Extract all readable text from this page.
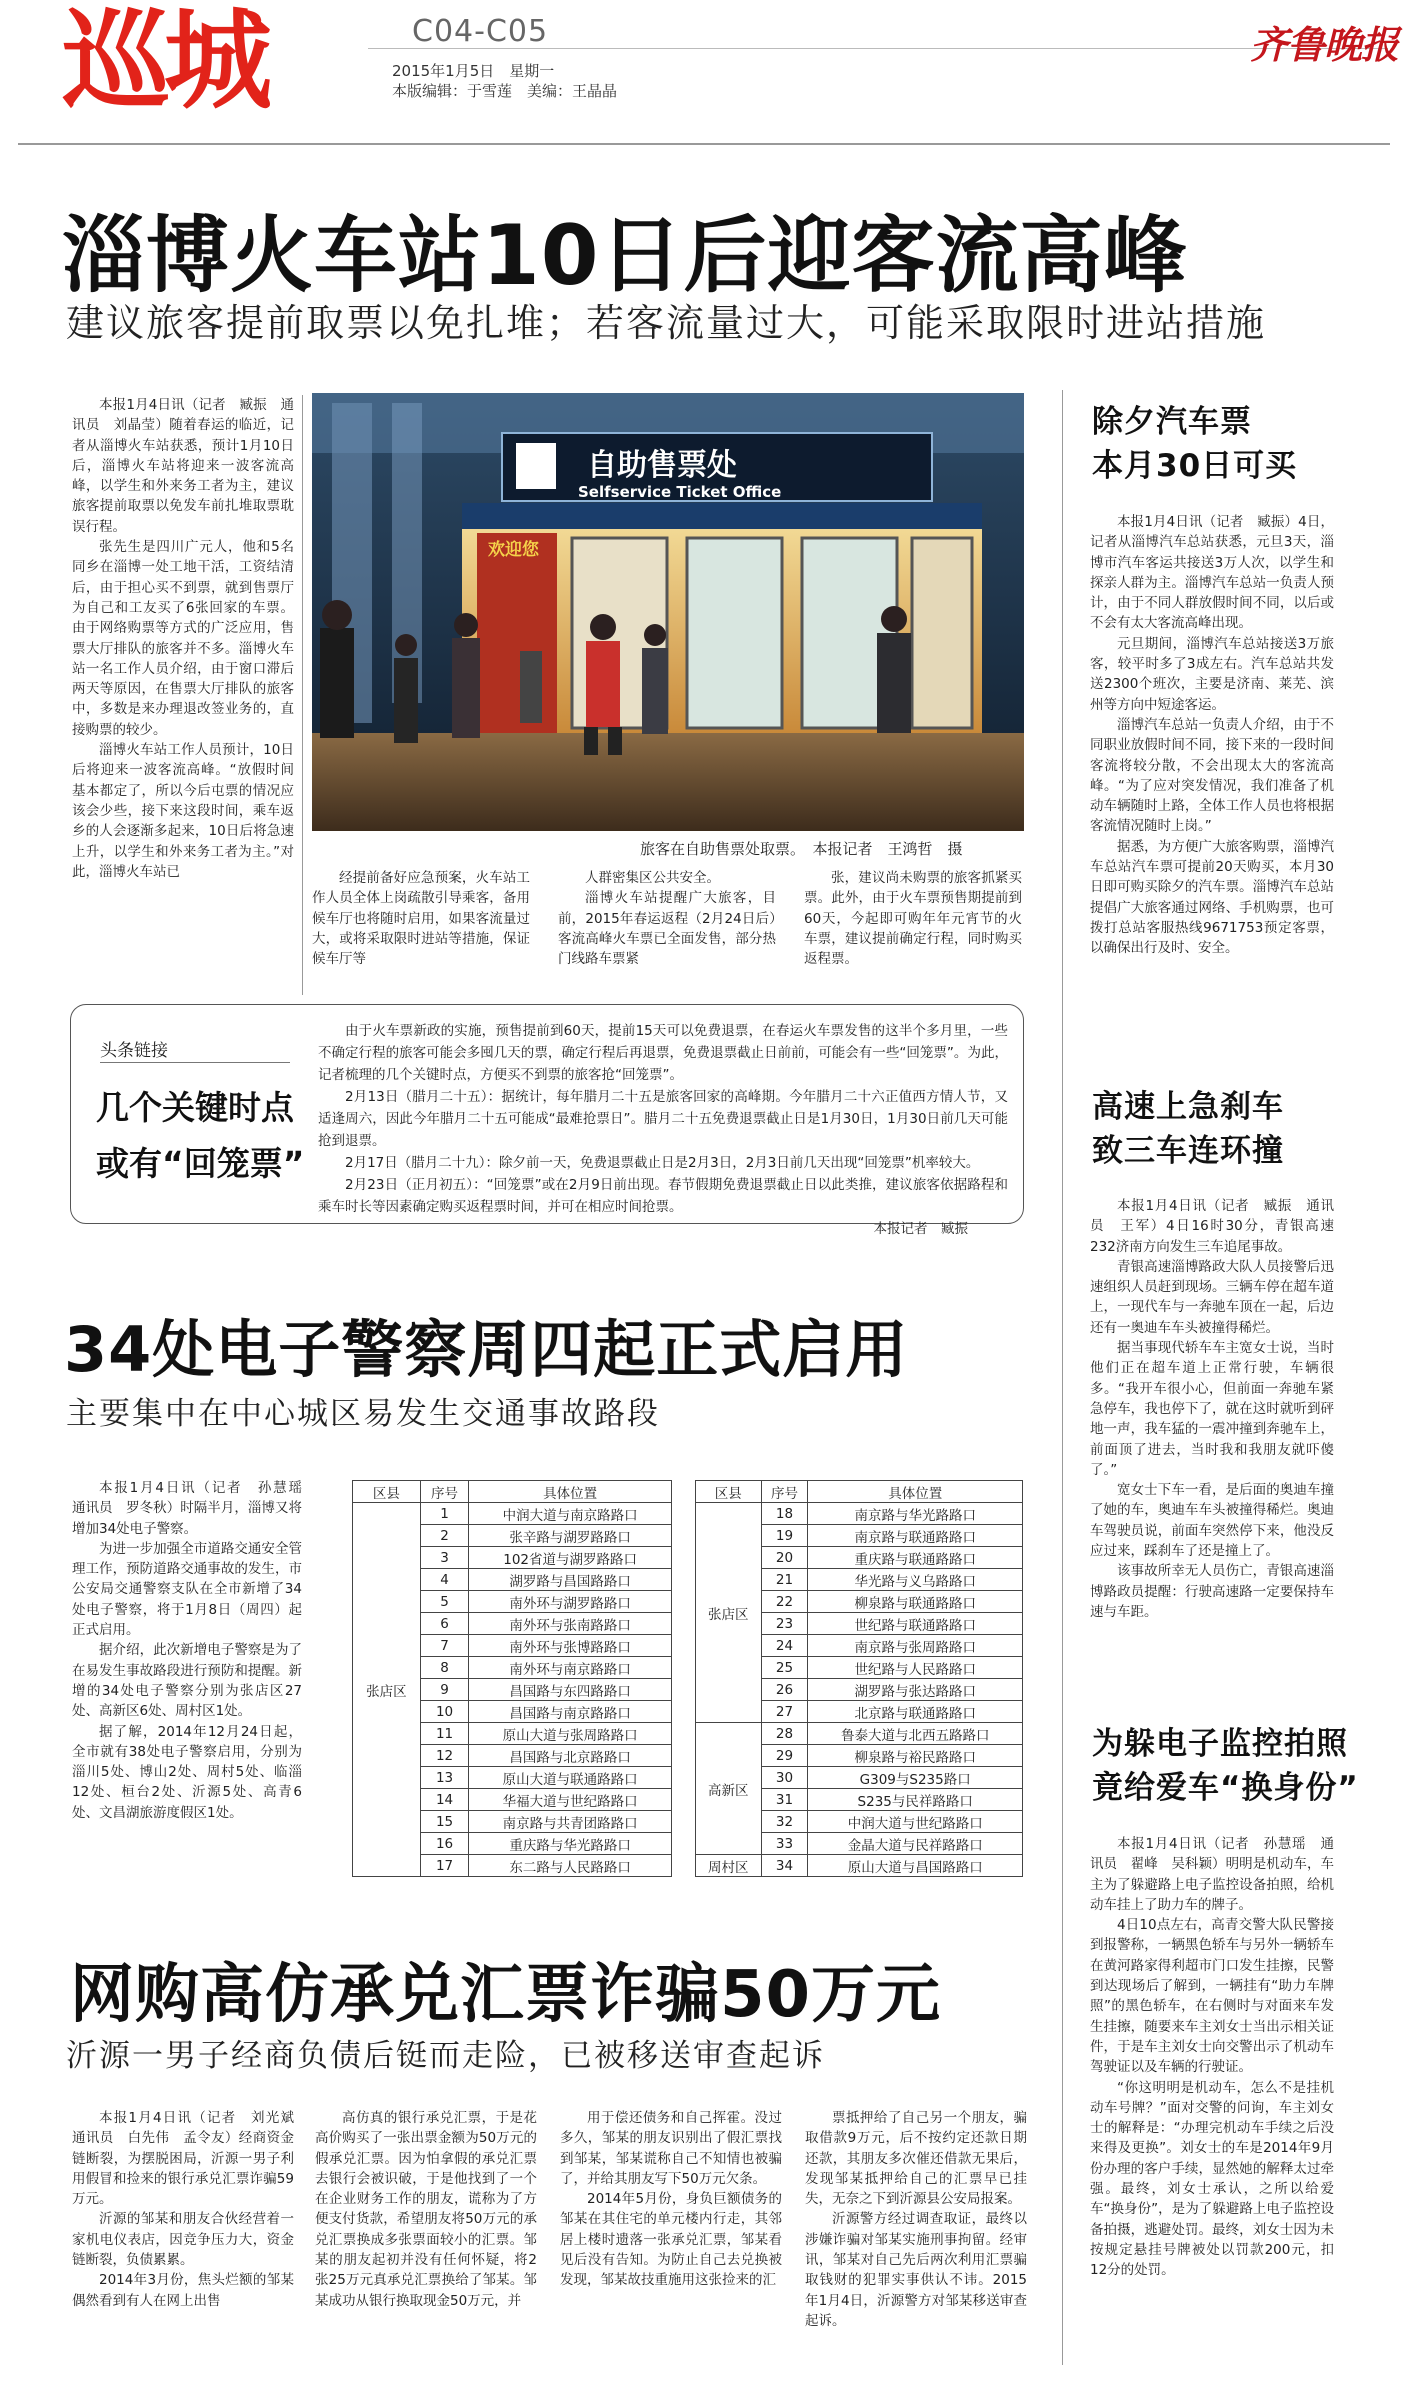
巡城	C04-C05
2015年1月5日　星期一
本版编辑：于雪莲　美编：王晶晶
齐鲁晚报
淄博火车站10日后迎客流高峰
建议旅客提前取票以免扎堆；若客流量过大，可能采取限时进站措施

本报1月4日讯（记者　臧振　通讯员　刘晶莹）随着春运的临近，记者从淄博火车站获悉，预计1月10日后，淄博火车站将迎来一波客流高峰，以学生和外来务工者为主，建议旅客提前取票以免发车前扎堆取票耽误行程。

张先生是四川广元人，他和5名同乡在淄博一处工地干活，工资结清后，由于担心买不到票，就到售票厅为自己和工友买了6张回家的车票。由于网络购票等方式的广泛应用，售票大厅排队的旅客并不多。淄博火车站一名工作人员介绍，由于窗口滞后两天等原因，在售票大厅排队的旅客中，多数是来办理退改签业务的，直接购票的较少。

淄博火车站工作人员预计，10日后将迎来一波客流高峰。“放假时间基本都定了，所以今后屯票的情况应该会少些，接下来这段时间，乘车返乡的人会逐渐多起来，10日后将急速上升，以学生和外来务工者为主。”对此，淄博火车站已

自助售票处
Selfservice Ticket Office
欢迎您
旅客在自助售票处取票。　本报记者　王鸿哲　摄

经提前备好应急预案，火车站工作人员全体上岗疏散引导乘客，备用候车厅也将随时启用，如果客流量过大，或将采取限时进站等措施，保证候车厅等

人群密集区公共安全。

淄博火车站提醒广大旅客，目前，2015年春运返程（2月24日后）客流高峰火车票已全面发售，部分热门线路车票紧

张，建议尚未购票的旅客抓紧买票。此外，由于火车票预售期提前到60天，今起即可购年年元宵节的火车票，建议提前确定行程，同时购买返程票。

头条链接
几个关键时点
或有“回笼票”

由于火车票新政的实施，预售提前到60天，提前15天可以免费退票，在春运火车票发售的这半个多月里，一些不确定行程的旅客可能会多囤几天的票，确定行程后再退票，免费退票截止日前前，可能会有一些“回笼票”。为此，记者梳理的几个关键时点，方便买不到票的旅客抢“回笼票”。

2月13日（腊月二十五）：据统计，每年腊月二十五是旅客回家的高峰期。今年腊月二十六正值西方情人节，又适逢周六，因此今年腊月二十五可能成“最难抢票日”。腊月二十五免费退票截止日是1月30日，1月30日前几天可能抢到退票。

2月17日（腊月二十九）：除夕前一天，免费退票截止日是2月3日，2月3日前几天出现“回笼票”机率较大。

2月23日（正月初五）：“回笼票”或在2月9日前出现。春节假期免费退票截止日以此类推，建议旅客依据路程和乘车时长等因素确定购买返程票时间，并可在相应时间抢票。

本报记者　臧振

34处电子警察周四起正式启用
主要集中在中心城区易发生交通事故路段

本报1月4日讯（记者　孙慧瑶　通讯员　罗冬秋）时隔半月，淄博又将增加34处电子警察。

为进一步加强全市道路交通安全管理工作，预防道路交通事故的发生，市公安局交通警察支队在全市新增了34处电子警察，将于1月8日（周四）起正式启用。

据介绍，此次新增电子警察是为了在易发生事故路段进行预防和提醒。新增的34处电子警察分别为张店区27处、高新区6处、周村区1处。

据了解，2014年12月24日起，全市就有38处电子警察启用，分别为淄川5处、博山2处、周村5处、临淄12处、桓台2处、沂源5处、高青6处、文昌湖旅游度假区1处。

区县	序号	具体位置
张店区	1	中润大道与南京路路口
	2	张辛路与湖罗路路口
	3	102省道与湖罗路路口
	4	湖罗路与昌国路路口
	5	南外环与湖罗路路口
	6	南外环与张南路路口
	7	南外环与张博路路口
	8	南外环与南京路路口
	9	昌国路与东四路路口
	10	昌国路与南京路路口
	11	原山大道与张周路路口
	12	昌国路与北京路路口
	13	原山大道与联通路路口
	14	华福大道与世纪路路口
	15	南京路与共青团路路口
	16	重庆路与华光路路口
	17	东二路与人民路路口
区县	序号	具体位置
张店区	18	南京路与华光路路口
	19	南京路与联通路路口
	20	重庆路与联通路路口
	21	华光路与义乌路路口
	22	柳泉路与联通路路口
	23	世纪路与联通路路口
	24	南京路与张周路路口
	25	世纪路与人民路路口
	26	湖罗路与张达路路口
	27	北京路与联通路路口
高新区	28	鲁泰大道与北西五路路口
	29	柳泉路与裕民路路口
	30	G309与S235路口
	31	S235与民祥路路口
	32	中润大道与世纪路路口
	33	金晶大道与民祥路路口
周村区	34	原山大道与昌国路路口
网购高仿承兑汇票诈骗50万元
沂源一男子经商负债后铤而走险，已被移送审查起诉

本报1月4日讯（记者　刘光斌　通讯员　白先伟　孟令友）经商资金链断裂，为摆脱困局，沂源一男子利用假冒和捡来的银行承兑汇票诈骗59万元。

沂源的邹某和朋友合伙经营着一家机电仪表店，因竞争压力大，资金链断裂，负债累累。

2014年3月份，焦头烂额的邹某偶然看到有人在网上出售

高仿真的银行承兑汇票，于是花高价购买了一张出票金额为50万元的假承兑汇票。因为怕拿假的承兑汇票去银行会被识破，于是他找到了一个在企业财务工作的朋友，谎称为了方便支付货款，希望朋友将50万元的承兑汇票换成多张票面较小的汇票。邹某的朋友起初并没有任何怀疑，将2张25万元真承兑汇票换给了邹某。邹某成功从银行换取现金50万元，并

用于偿还债务和自己挥霍。没过多久，邹某的朋友识别出了假汇票找到邹某，邹某谎称自己不知情也被骗了，并给其朋友写下50万元欠条。

2014年5月份，身负巨额债务的邹某在其住宅的单元楼内行走，其邻居上楼时遗落一张承兑汇票，邹某看见后没有告知。为防止自己去兑换被发现，邹某故技重施用这张捡来的汇

票抵押给了自己另一个朋友，骗取借款9万元，后不按约定还款日期还款，其朋友多次催还借款无果后，发现邹某抵押给自己的汇票早已挂失，无奈之下到沂源县公安局报案。

沂源警方经过调查取证，最终以涉嫌诈骗对邹某实施刑事拘留。经审讯，邹某对自己先后两次利用汇票骗取钱财的犯罪实事供认不讳。2015年1月4日，沂源警方对邹某移送审查起诉。

除夕汽车票
本月30日可买

本报1月4日讯（记者　臧振）4日，记者从淄博汽车总站获悉，元旦3天，淄博市汽车客运共接送3万人次，以学生和探亲人群为主。淄博汽车总站一负责人预计，由于不同人群放假时间不同，以后或不会有太大客流高峰出现。

元旦期间，淄博汽车总站接送3万旅客，较平时多了3成左右。汽车总站共发送2300个班次，主要是济南、莱芜、滨州等方向中短途客运。

淄博汽车总站一负责人介绍，由于不同职业放假时间不同，接下来的一段时间客流将较分散，不会出现太大的客流高峰。“为了应对突发情况，我们准备了机动车辆随时上路，全体工作人员也将根据客流情况随时上岗。”

据悉，为方便广大旅客购票，淄博汽车总站汽车票可提前20天购买，本月30日即可购买除夕的汽车票。淄博汽车总站提倡广大旅客通过网络、手机购票，也可拨打总站客服热线9671753预定客票，以确保出行及时、安全。

高速上急刹车
致三车连环撞

本报1月4日讯（记者　臧振　通讯员　王军）4日16时30分，青银高速232济南方向发生三车追尾事故。

青银高速淄博路政大队人员接警后迅速组织人员赶到现场。三辆车停在超车道上，一现代车与一奔驰车顶在一起，后边还有一奥迪车车头被撞得稀烂。

据当事现代轿车车主宽女士说，当时他们正在超车道上正常行驶，车辆很多。“我开车很小心，但前面一奔驰车紧急停车，我也停下了，就在这时就听到砰地一声，我车猛的一震冲撞到奔驰车上，前面顶了进去，当时我和我朋友就吓傻了。”

宽女士下车一看，是后面的奥迪车撞了她的车，奥迪车车头被撞得稀烂。奥迪车驾驶员说，前面车突然停下来，他没反应过来，踩刹车了还是撞上了。

该事故所幸无人员伤亡，青银高速淄博路政员提醒：行驶高速路一定要保持车速与车距。

为躲电子监控拍照
竟给爱车“换身份”

本报1月4日讯（记者　孙慧瑶　通讯员　翟峰　吴科颖）明明是机动车，车主为了躲避路上电子监控设备拍照，给机动车挂上了助力车的牌子。

4日10点左右，高青交警大队民警接到报警称，一辆黑色轿车与另外一辆轿车在黄河路家得利超市门口发生挂擦，民警到达现场后了解到，一辆挂有“助力车牌照”的黑色轿车，在右侧时与对面来车发生挂擦，随要来车主刘女士当出示相关证件，于是车主刘女士向交警出示了机动车驾驶证以及车辆的行驶证。

“你这明明是机动车，怎么不是挂机动车号牌？”面对交警的问询，车主刘女士的解释是：“办理完机动车手续之后没来得及更换”。刘女士的车是2014年9月份办理的客户手续，显然她的解释太过牵强。最终，刘女士承认，之所以给爱车“换身份”，是为了躲避路上电子监控设备拍摄，逃避处罚。最终，刘女士因为未按规定悬挂号牌被处以罚款200元，扣12分的处罚。
